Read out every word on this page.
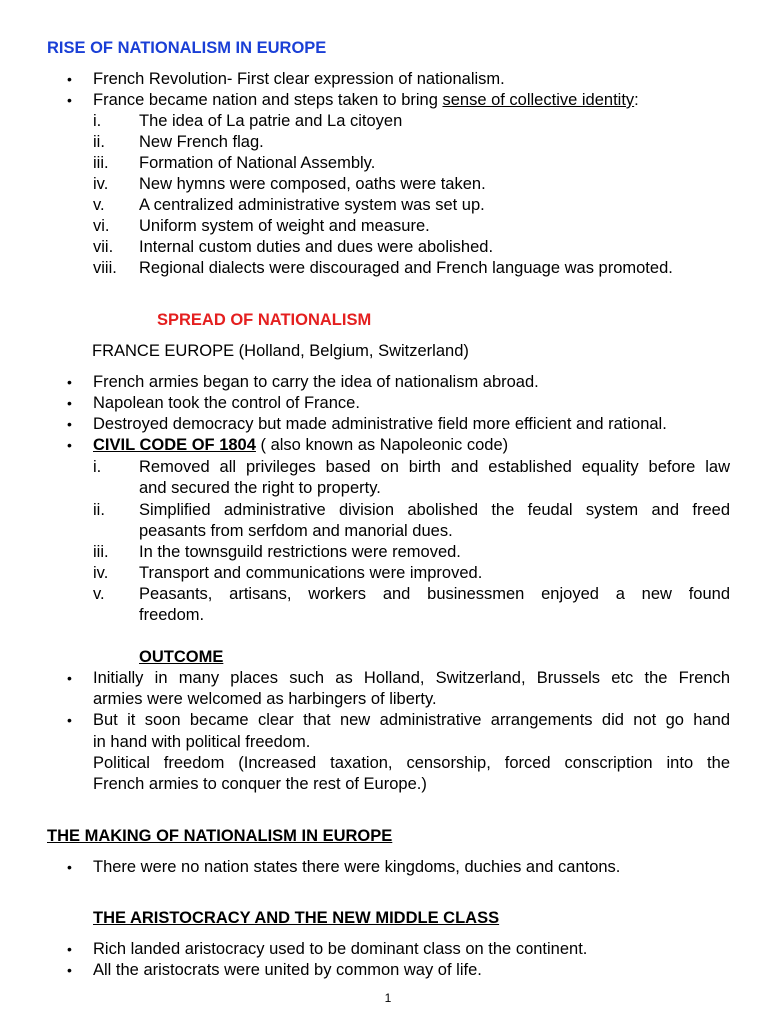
RISE OF NATIONALISM IN EUROPE
• French Revolution- First clear expression of nationalism.
• France became nation and steps taken to bring sense of collective identity:
i. The idea of La patrie and La citoyen
ii. New French flag.
iii. Formation of National Assembly.
iv. New hymns were composed, oaths were taken.
v. A centralized administrative system was set up.
vi. Uniform system of weight and measure.
vii. Internal custom duties and dues were abolished.
viii. Regional dialects were discouraged and French language was promoted.
SPREAD OF NATIONALISM
FRANCE EUROPE (Holland, Belgium, Switzerland)
• French armies began to carry the idea of nationalism abroad.
• Napolean took the control of France.
• Destroyed democracy but made administrative field more efficient and rational.
• CIVIL CODE OF 1804 ( also known as Napoleonic code)
i. Removed all privileges based on birth and established equality before law
and secured the right to property.
ii. Simplified administrative division abolished the feudal system and freed
peasants from serfdom and manorial dues.
iii. In the townsguild restrictions were removed.
iv. Transport and communications were improved.
v. Peasants, artisans, workers and businessmen enjoyed a new found
freedom.
OUTCOME
• Initially in many places such as Holland, Switzerland, Brussels etc the French
armies were welcomed as harbingers of liberty.
• But it soon became clear that new administrative arrangements did not go hand
in hand with political freedom.
Political freedom (Increased taxation, censorship, forced conscription into the
French armies to conquer the rest of Europe.)
THE MAKING OF NATIONALISM IN EUROPE
• There were no nation states there were kingdoms, duchies and cantons.
THE ARISTOCRACY AND THE NEW MIDDLE CLASS
• Rich landed aristocracy used to be dominant class on the continent.
• All the aristocrats were united by common way of life.
1
